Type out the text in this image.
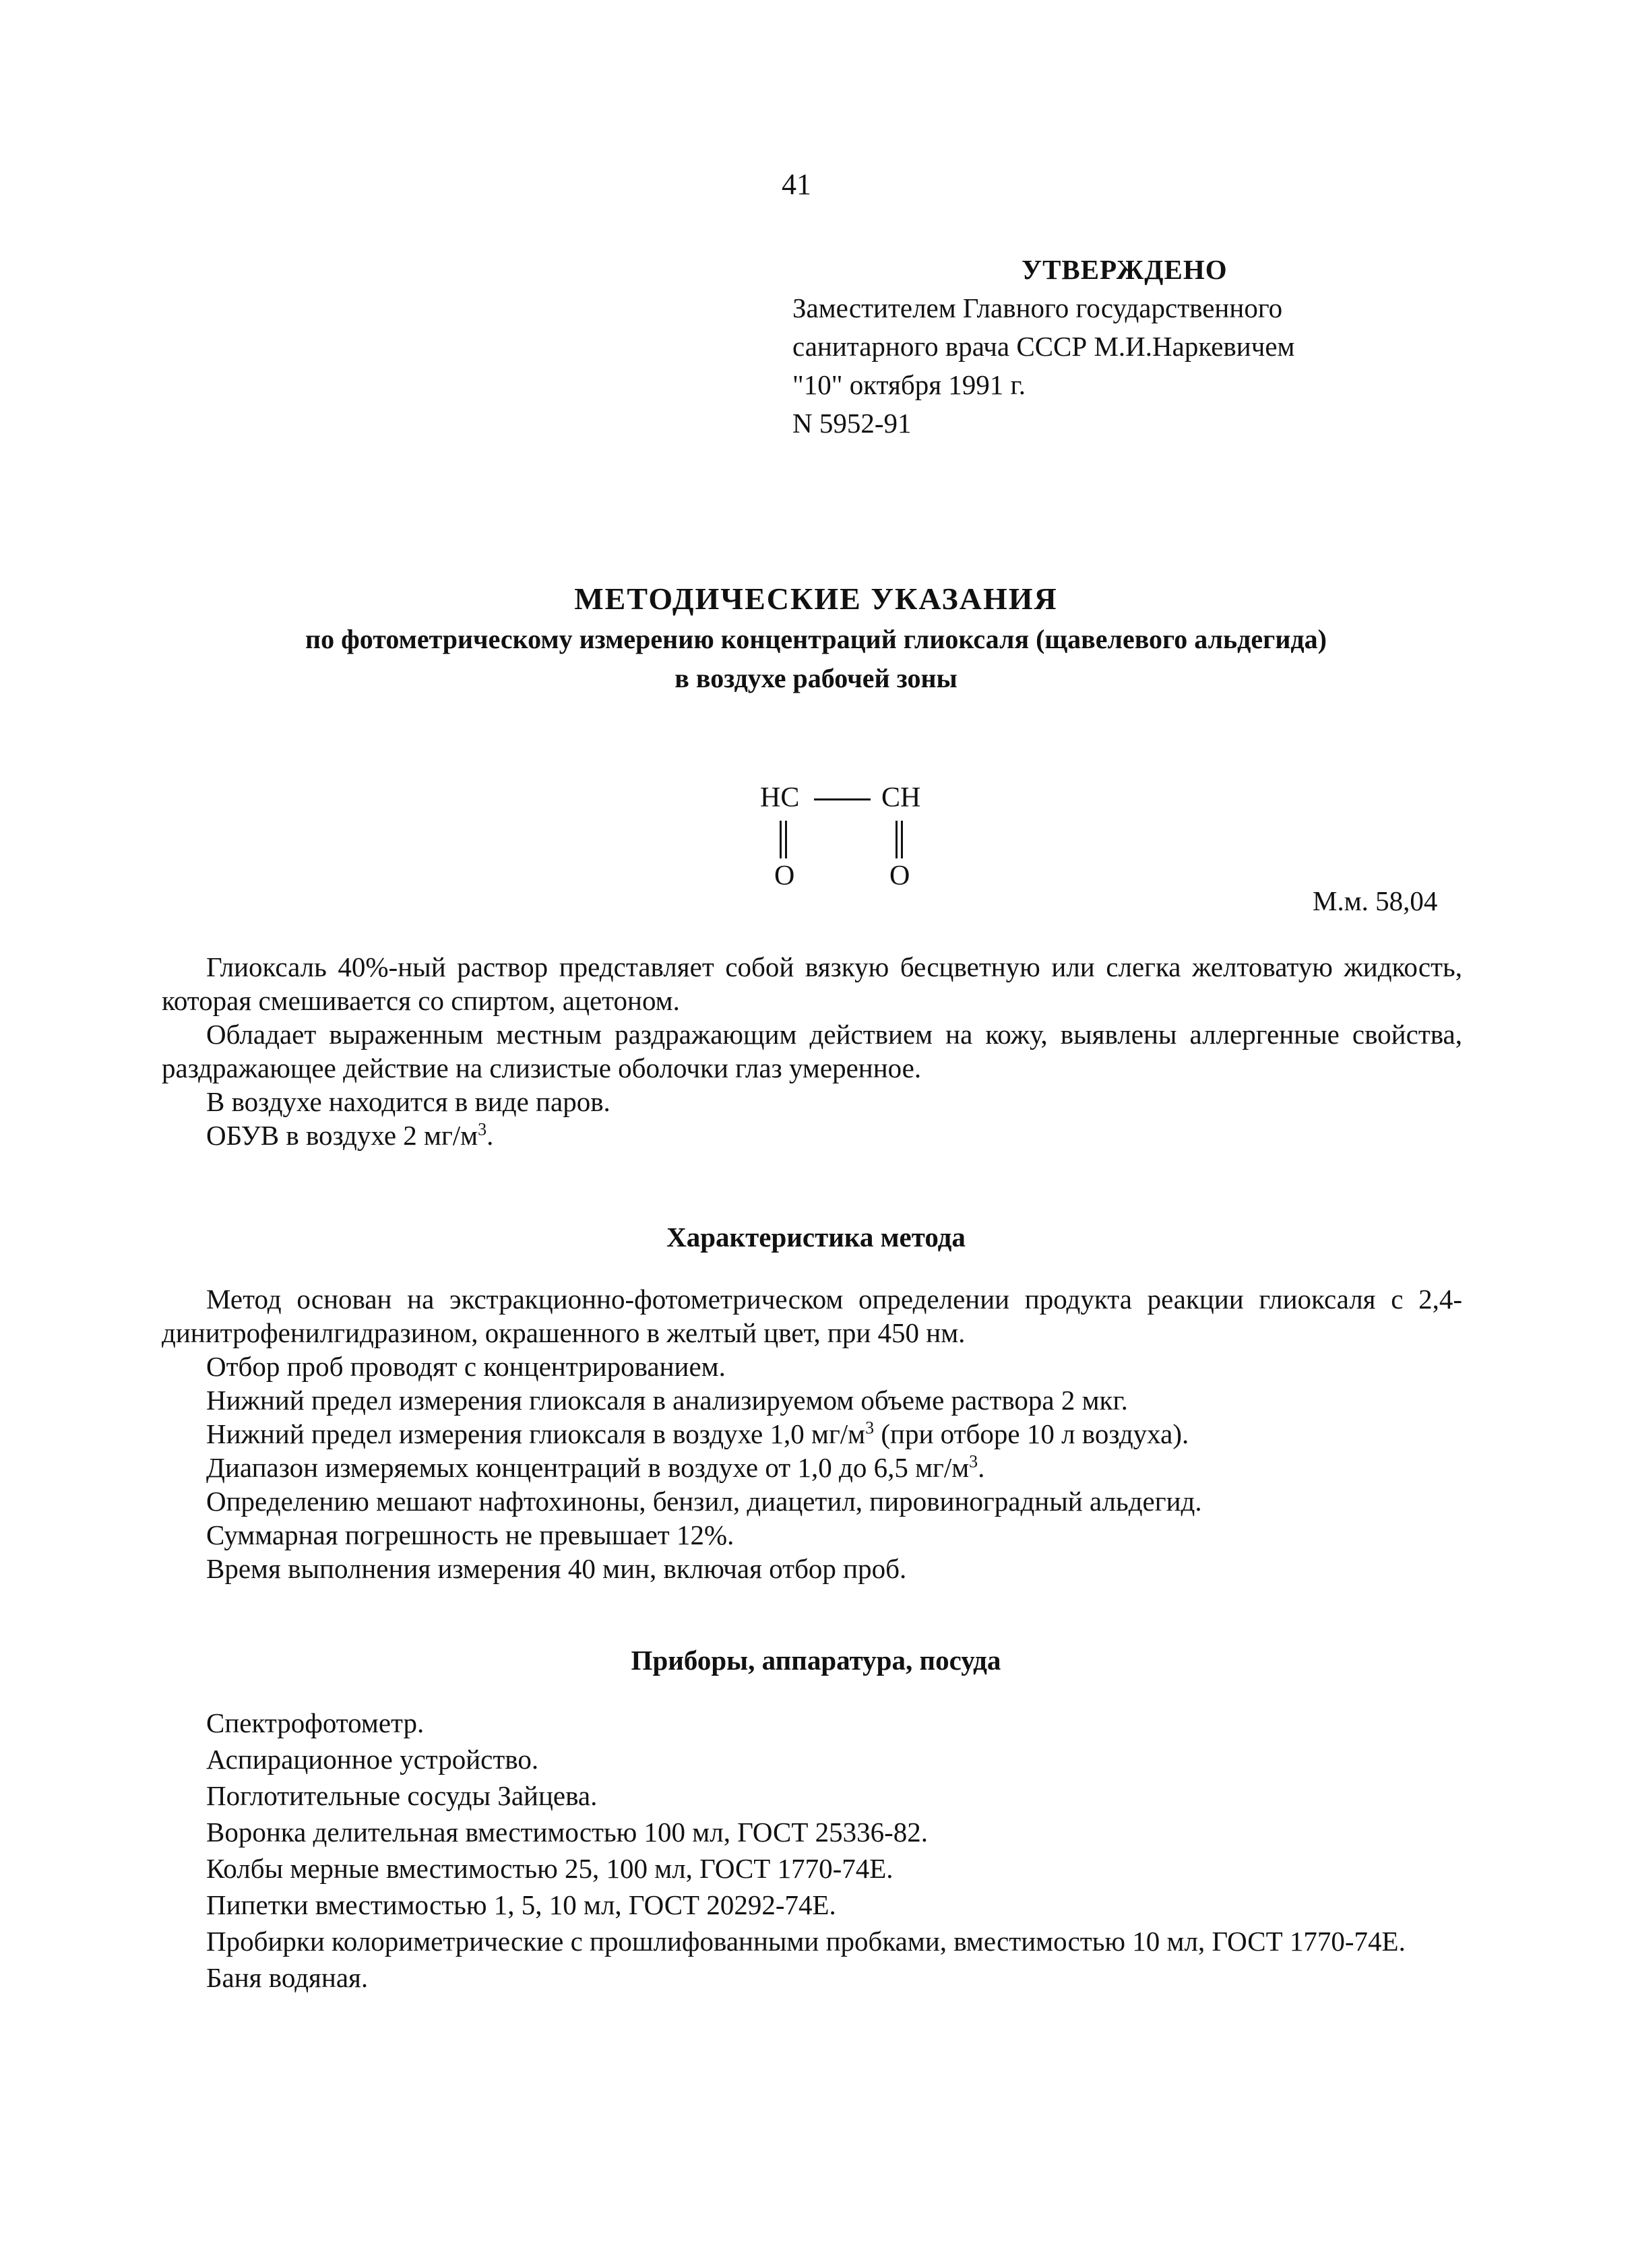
41
УТВЕРЖДЕНО
Заместителем Главного государственного
санитарного врача СССР М.И.Наркевичем
"10" октября 1991 г.
N 5952-91
МЕТОДИЧЕСКИЕ УКАЗАНИЯ
по фотометрическому измерению концентраций глиоксаля (щавелевого альдегида)
в воздухе рабочей зоны
HC	CH
O	O
М.м. 58,04

Глиоксаль 40%-ный раствор представляет собой вязкую бесцветную или слегка желтоватую жидкость, которая смешивается со спиртом, ацетоном.

Обладает выраженным местным раздражающим действием на кожу, выявлены аллергенные свойства, раздражающее действие на слизистые оболочки глаз умеренное.

В воздухе находится в виде паров.

ОБУВ в воздухе 2 $мг/м^3$.

Характеристика метода

Метод основан на экстракционно-фотометрическом определении продукта реакции глиоксаля с 2,4-динитрофенилгидразином, окрашенного в желтый цвет, при 450 нм.

Отбор проб проводят с концентрированием.

Нижний предел измерения глиоксаля в анализируемом объеме раствора 2 мкг.

Нижний предел измерения глиоксаля в воздухе 1,0 $мг/м^3$ (при отборе 10 л воздуха).

Диапазон измеряемых концентраций в воздухе от 1,0 до 6,5 $мг/м^3$.

Определению мешают нафтохиноны, бензил, диацетил, пировиноградный альдегид.

Суммарная погрешность не превышает 12%.

Время выполнения измерения 40 мин, включая отбор проб.

Приборы, аппаратура, посуда

Спектрофотометр.

Аспирационное устройство.

Поглотительные сосуды Зайцева.

Воронка делительная вместимостью 100 мл, ГОСТ 25336-82.

Колбы мерные вместимостью 25, 100 мл, ГОСТ 1770-74Е.

Пипетки вместимостью 1, 5, 10 мл, ГОСТ 20292-74Е.

Пробирки колориметрические с прошлифованными пробками, вместимостью 10 мл, ГОСТ 1770-74Е.

Баня водяная.
